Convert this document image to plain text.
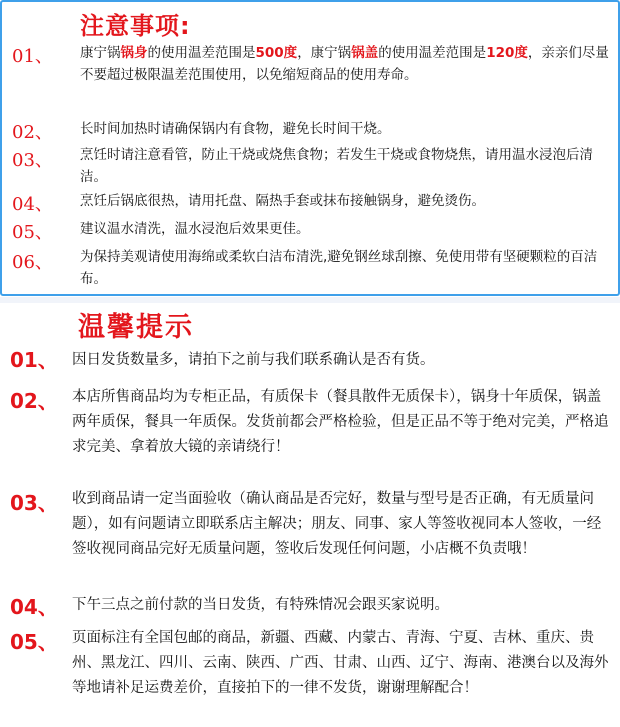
注意事项:
01、 康宁锅锅身的使用温差范围是500度，康宁锅锅盖的使用温差范围是120度，亲亲们尽量不要超过极限温差范围使用，以免缩短商品的使用寿命。
02、 长时间加热时请确保锅内有食物，避免长时间干烧。
03、 烹饪时请注意看管，防止干烧或烧焦食物；若发生干烧或食物烧焦，请用温水浸泡后清洁。
04、 烹饪后锅底很热，请用托盘、隔热手套或抹布接触锅身，避免烫伤。
05、 建议温水清洗，温水浸泡后效果更佳。
06、 为保持美观请使用海绵或柔软白洁布清洗,避免钢丝球刮擦、免使用带有坚硬颗粒的百洁布。
温馨提示
01、 因日发货数量多，请拍下之前与我们联系确认是否有货。
02、 本店所售商品均为专柜正品，有质保卡（餐具散件无质保卡），锅身十年质保，锅盖两年质保，餐具一年质保。发货前都会严格检验，但是正品不等于绝对完美，严格追求完美、拿着放大镜的亲请绕行！
03、 收到商品请一定当面验收（确认商品是否完好，数量与型号是否正确，有无质量问题），如有问题请立即联系店主解决；朋友、同事、家人等签收视同本人签收，一经签收视同商品完好无质量问题，签收后发现任何问题，小店概不负责哦！
04、 下午三点之前付款的当日发货，有特殊情况会跟买家说明。
05、 页面标注有全国包邮的商品，新疆、西藏、内蒙古、青海、宁夏、吉林、重庆、贵州、黑龙江、四川、云南、陕西、广西、甘肃、山西、辽宁、海南、港澳台以及海外等地请补足运费差价，直接拍下的一律不发货，谢谢理解配合！
